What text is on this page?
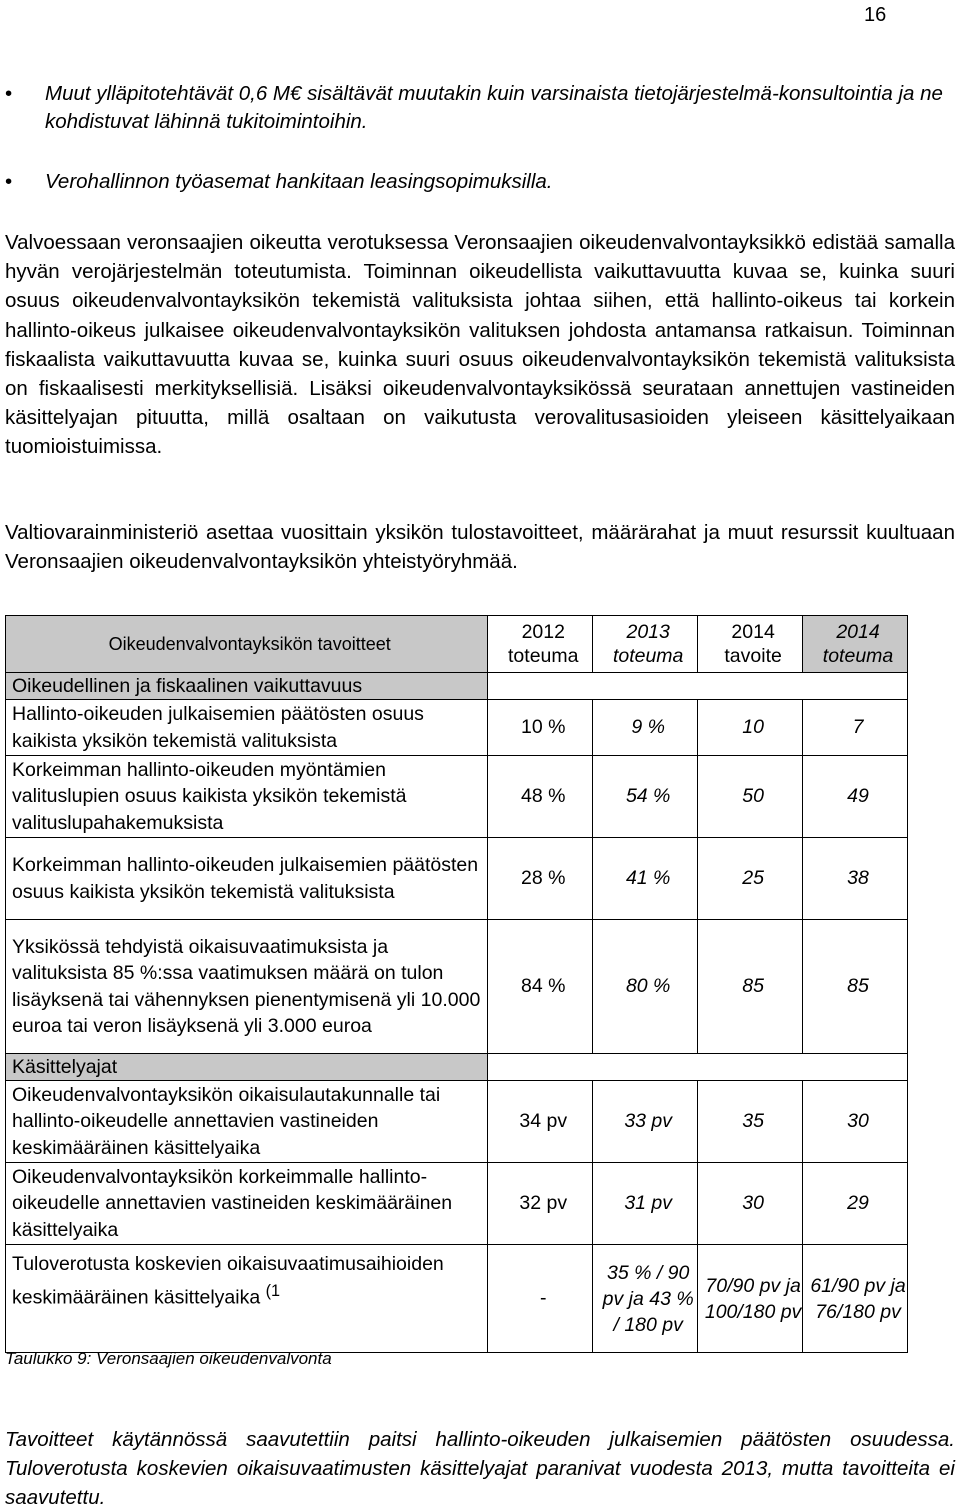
16
• Muut ylläpitotehtävät 0,6 M€ sisältävät muutakin kuin varsinaista tietojärjestelmä-konsultointia ja ne kohdistuvat lähinnä tukitoimintoihin.
• Verohallinnon työasemat hankitaan leasingsopimuksilla.

Valvoessaan veronsaajien oikeutta verotuksessa Veronsaajien oikeudenvalvontayksikkö edistää samalla hyvän verojärjestelmän toteutumista. Toiminnan oikeudellista vaikuttavuutta kuvaa se, kuinka suuri osuus oikeudenvalvontayksikön tekemistä valituksista johtaa siihen, että hallinto-oikeus tai korkein hallinto-oikeus julkaisee oikeudenvalvontayksikön valituksen johdosta antamansa ratkaisun. Toiminnan fiskaalista vaikuttavuutta kuvaa se, kuinka suuri osuus oikeudenvalvontayksikön tekemistä valituksista on fiskaalisesti merkityksellisiä. Lisäksi oikeudenvalvontayksikössä seurataan annettujen vastineiden käsittelyajan pituutta, millä osaltaan on vaikutusta verovalitusasioiden yleiseen käsittelyaikaan tuomioistuimissa.

Valtiovarainministeriö asettaa vuosittain yksikön tulostavoitteet, määrärahat ja muut resurssit kuultuaan Veronsaajien oikeudenvalvontayksikön yhteistyöryhmää.

Oikeudenvalvontayksikön tavoitteet	2012 toteuma	2013 toteuma	2014 tavoite	2014 toteuma
Oikeudellinen ja fiskaalinen vaikuttavuus				
Hallinto-oikeuden julkaisemien päätösten osuus kaikista yksikön tekemistä valituksista	10 %	9 %	10	7
Korkeimman hallinto-oikeuden myöntämien valituslupien osuus kaikista yksikön tekemistä valituslupahakemuksista	48 %	54 %	50	49
Korkeimman hallinto-oikeuden julkaisemien päätösten osuus kaikista yksikön tekemistä valituksista	28 %	41 %	25	38
Yksikössä tehdyistä oikaisuvaatimuksista ja valituksista 85 %:ssa vaatimuksen määrä on tulon lisäyksenä tai vähennyksen pienentymisenä yli 10.000 euroa tai veron lisäyksenä yli 3.000 euroa	84 %	80 %	85	85
Käsittelyajat				
Oikeudenvalvontayksikön oikaisulautakunnalle tai hallinto-oikeudelle annettavien vastineiden keskimääräinen käsittelyaika	34 pv	33 pv	35	30
Oikeudenvalvontayksikön korkeimmalle hallinto-oikeudelle annettavien vastineiden keskimääräinen käsittelyaika	32 pv	31 pv	30	29
Tuloverotusta koskevien oikaisuvaatimusaihioiden keskimääräinen käsittelyaika $^{(1}$	-	35 % / 90 pv ja 43 % / 180 pv	70/90 pv ja 100/180 pv	61/90 pv ja 76/180 pv
Taulukko 9: Veronsaajien oikeudenvalvonta

Tavoitteet käytännössä saavutettiin paitsi hallinto-oikeuden julkaisemien päätösten osuudessa. Tuloverotusta koskevien oikaisuvaatimusten käsittelyajat paranivat vuodesta 2013, mutta tavoitteita ei saavutettu.
